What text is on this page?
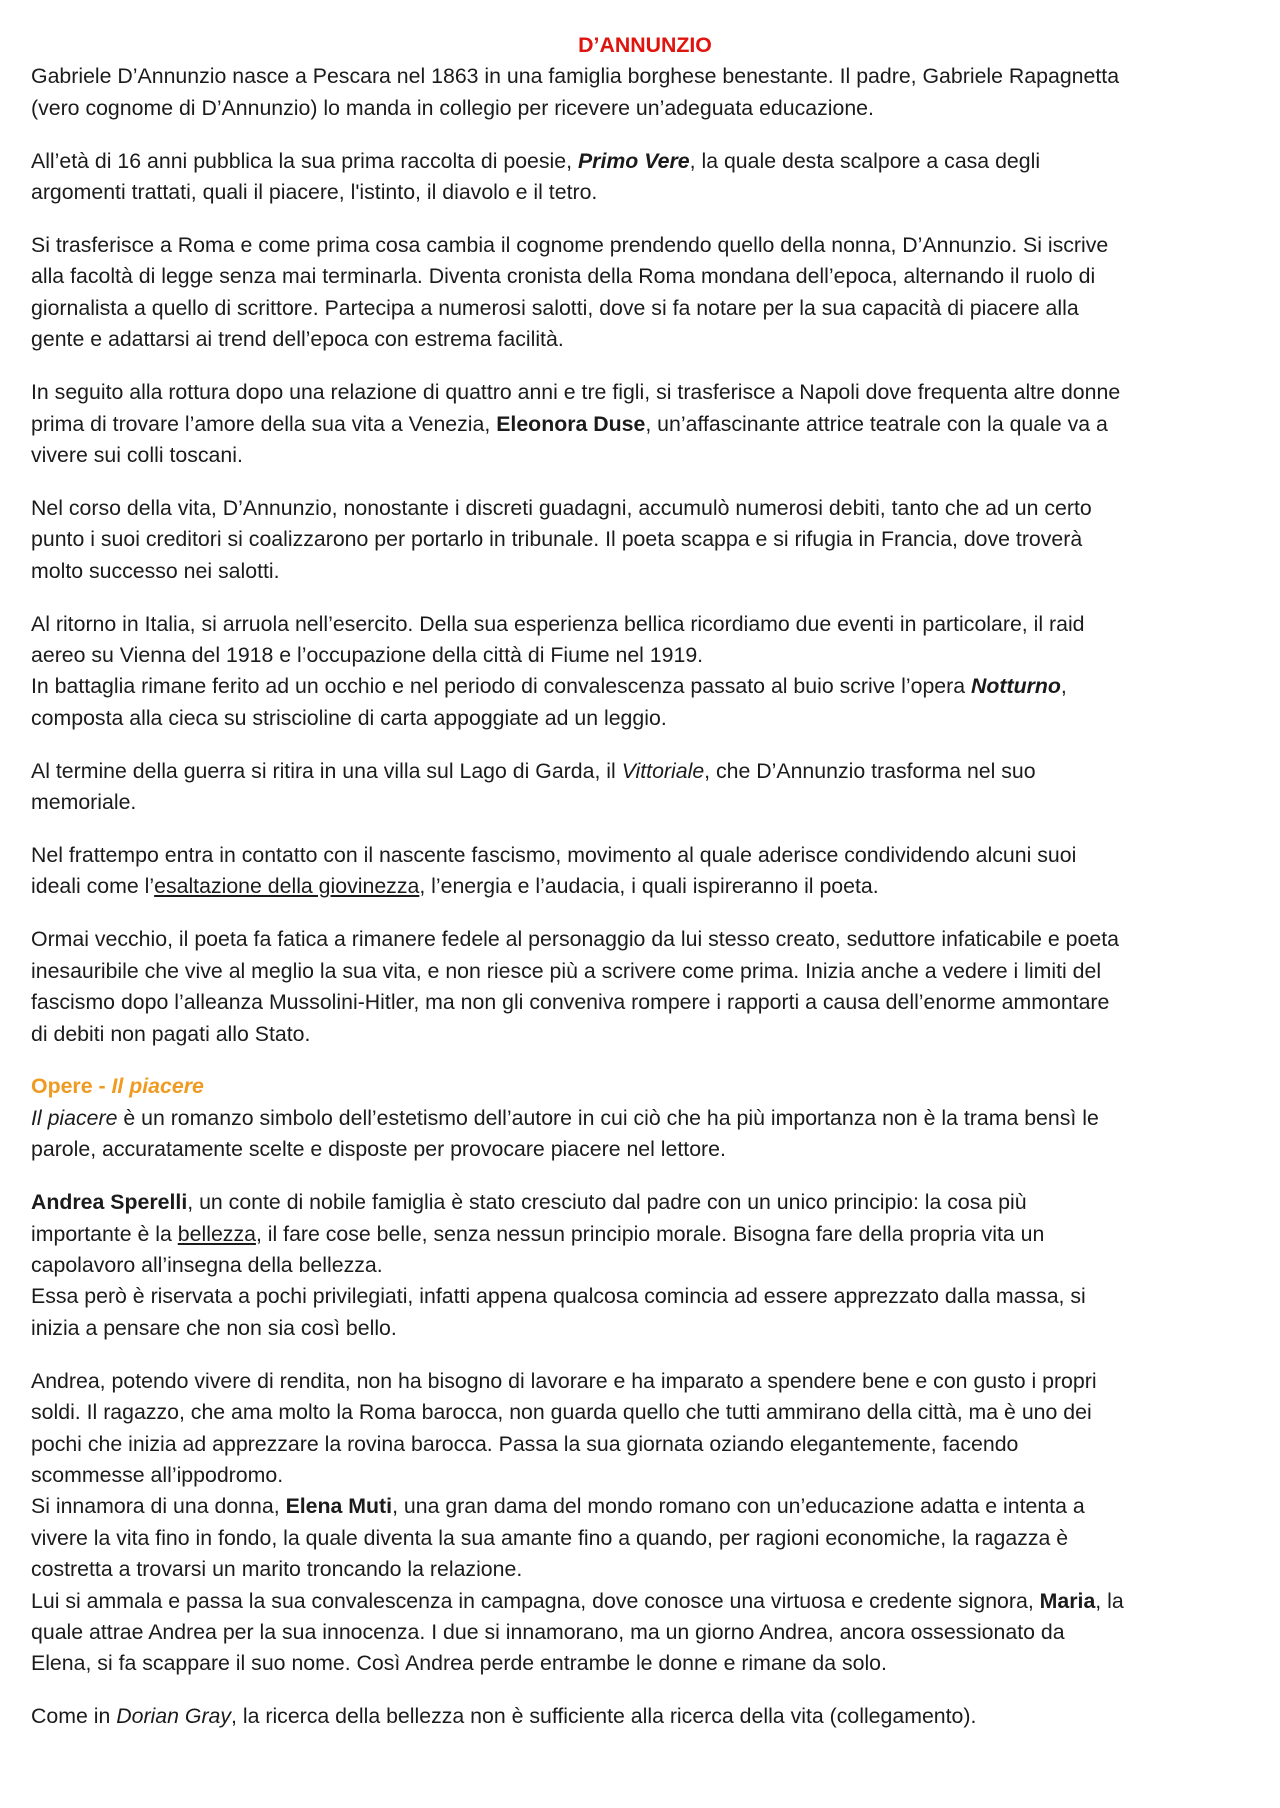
D’ANNUNZIO

Gabriele D’Annunzio nasce a Pescara nel 1863 in una famiglia borghese benestante. Il padre, Gabriele Rapagnetta
(vero cognome di D’Annunzio) lo manda in collegio per ricevere un’adeguata educazione.

All’età di 16 anni pubblica la sua prima raccolta di poesie, Primo Vere, la quale desta scalpore a casa degli
argomenti trattati, quali il piacere, l'istinto, il diavolo e il tetro.

Si trasferisce a Roma e come prima cosa cambia il cognome prendendo quello della nonna, D’Annunzio. Si iscrive
alla facoltà di legge senza mai terminarla. Diventa cronista della Roma mondana dell’epoca, alternando il ruolo di
giornalista a quello di scrittore. Partecipa a numerosi salotti, dove si fa notare per la sua capacità di piacere alla
gente e adattarsi ai trend dell’epoca con estrema facilità.

In seguito alla rottura dopo una relazione di quattro anni e tre figli, si trasferisce a Napoli dove frequenta altre donne
prima di trovare l’amore della sua vita a Venezia, Eleonora Duse, un’affascinante attrice teatrale con la quale va a
vivere sui colli toscani.

Nel corso della vita, D’Annunzio, nonostante i discreti guadagni, accumulò numerosi debiti, tanto che ad un certo
punto i suoi creditori si coalizzarono per portarlo in tribunale. Il poeta scappa e si rifugia in Francia, dove troverà
molto successo nei salotti.

Al ritorno in Italia, si arruola nell’esercito. Della sua esperienza bellica ricordiamo due eventi in particolare, il raid
aereo su Vienna del 1918 e l’occupazione della città di Fiume nel 1919.
In battaglia rimane ferito ad un occhio e nel periodo di convalescenza passato al buio scrive l’opera Notturno,
composta alla cieca su striscioline di carta appoggiate ad un leggio.

Al termine della guerra si ritira in una villa sul Lago di Garda, il Vittoriale, che D’Annunzio trasforma nel suo
memoriale.

Nel frattempo entra in contatto con il nascente fascismo, movimento al quale aderisce condividendo alcuni suoi
ideali come l’esaltazione della giovinezza, l’energia e l’audacia, i quali ispireranno il poeta.

Ormai vecchio, il poeta fa fatica a rimanere fedele al personaggio da lui stesso creato, seduttore infaticabile e poeta
inesauribile che vive al meglio la sua vita, e non riesce più a scrivere come prima. Inizia anche a vedere i limiti del
fascismo dopo l’alleanza Mussolini-Hitler, ma non gli conveniva rompere i rapporti a causa dell’enorme ammontare
di debiti non pagati allo Stato.

Opere - Il piacere

Il piacere è un romanzo simbolo dell’estetismo dell’autore in cui ciò che ha più importanza non è la trama bensì le
parole, accuratamente scelte e disposte per provocare piacere nel lettore.

Andrea Sperelli, un conte di nobile famiglia è stato cresciuto dal padre con un unico principio: la cosa più
importante è la bellezza, il fare cose belle, senza nessun principio morale. Bisogna fare della propria vita un
capolavoro all’insegna della bellezza.
Essa però è riservata a pochi privilegiati, infatti appena qualcosa comincia ad essere apprezzato dalla massa, si
inizia a pensare che non sia così bello.

Andrea, potendo vivere di rendita, non ha bisogno di lavorare e ha imparato a spendere bene e con gusto i propri
soldi. Il ragazzo, che ama molto la Roma barocca, non guarda quello che tutti ammirano della città, ma è uno dei
pochi che inizia ad apprezzare la rovina barocca. Passa la sua giornata oziando elegantemente, facendo
scommesse all’ippodromo.
Si innamora di una donna, Elena Muti, una gran dama del mondo romano con un’educazione adatta e intenta a
vivere la vita fino in fondo, la quale diventa la sua amante fino a quando, per ragioni economiche, la ragazza è
costretta a trovarsi un marito troncando la relazione.
Lui si ammala e passa la sua convalescenza in campagna, dove conosce una virtuosa e credente signora, Maria, la
quale attrae Andrea per la sua innocenza. I due si innamorano, ma un giorno Andrea, ancora ossessionato da
Elena, si fa scappare il suo nome. Così Andrea perde entrambe le donne e rimane da solo.

Come in Dorian Gray, la ricerca della bellezza non è sufficiente alla ricerca della vita (collegamento).
